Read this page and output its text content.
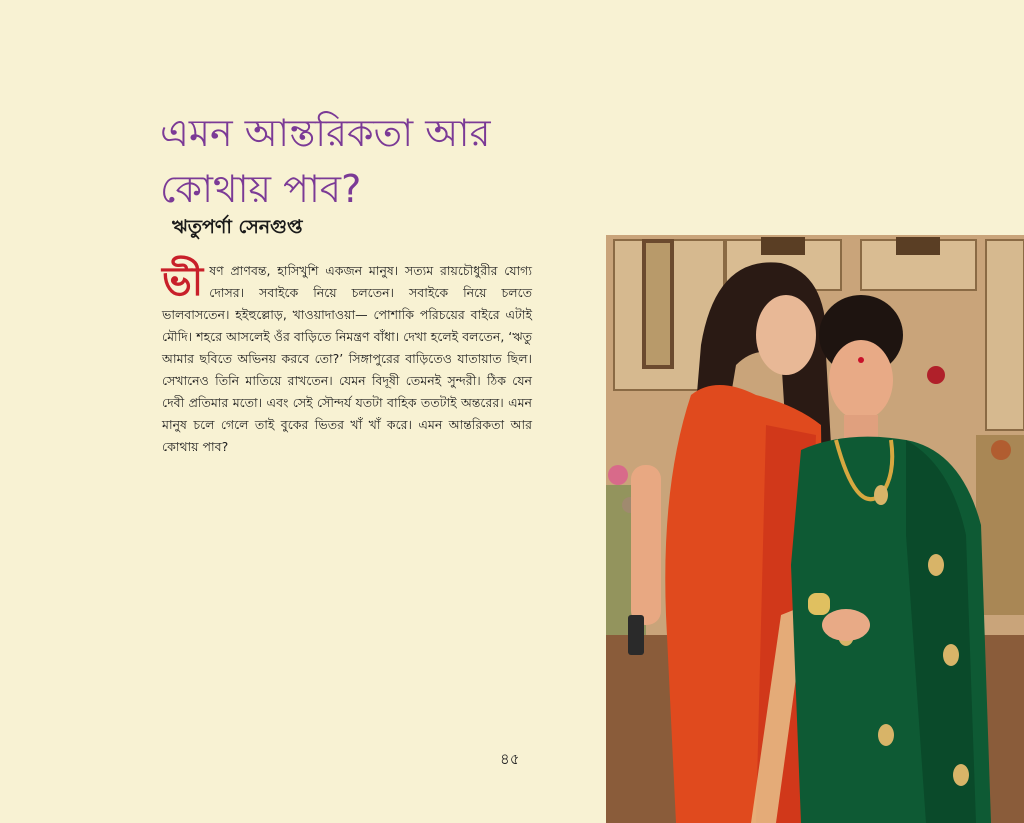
এমন আন্তরিকতা আর কোথায় পাব?
ঋতুপর্ণা সেনগুপ্ত
ভীষণ প্রাণবন্ত, হাসিখুশি একজন মানুষ। সত্যম রায়চৌধুরীর যোগ্য দোসর। সবাইকে নিয়ে চলতেন। সবাইকে নিয়ে চলতে ভালবাসতেন। হইহুল্লোড়, খাওয়াদাওয়া— পোশাকি পরিচয়ের বাইরে এটাই মৌদি। শহরে আসলেই ওঁর বাড়িতে নিমন্ত্রণ বাঁধা। দেখা হলেই বলতেন, ‘ঋতু আমার ছবিতে অভিনয় করবে তো?’ সিঙ্গাপুরের বাড়িতেও যাতায়াত ছিল। সেখানেও তিনি মাতিয়ে রাখতেন। যেমন বিদূষী তেমনই সুন্দরী। ঠিক যেন দেবী প্রতিমার মতো। এবং সেই সৌন্দর্য যতটা বাহিক ততটাই অন্তরের। এমন মানুষ চলে গেলে তাই বুকের ভিতর খাঁ খাঁ করে। এমন আন্তরিকতা আর কোথায় পাব?
৪৫
